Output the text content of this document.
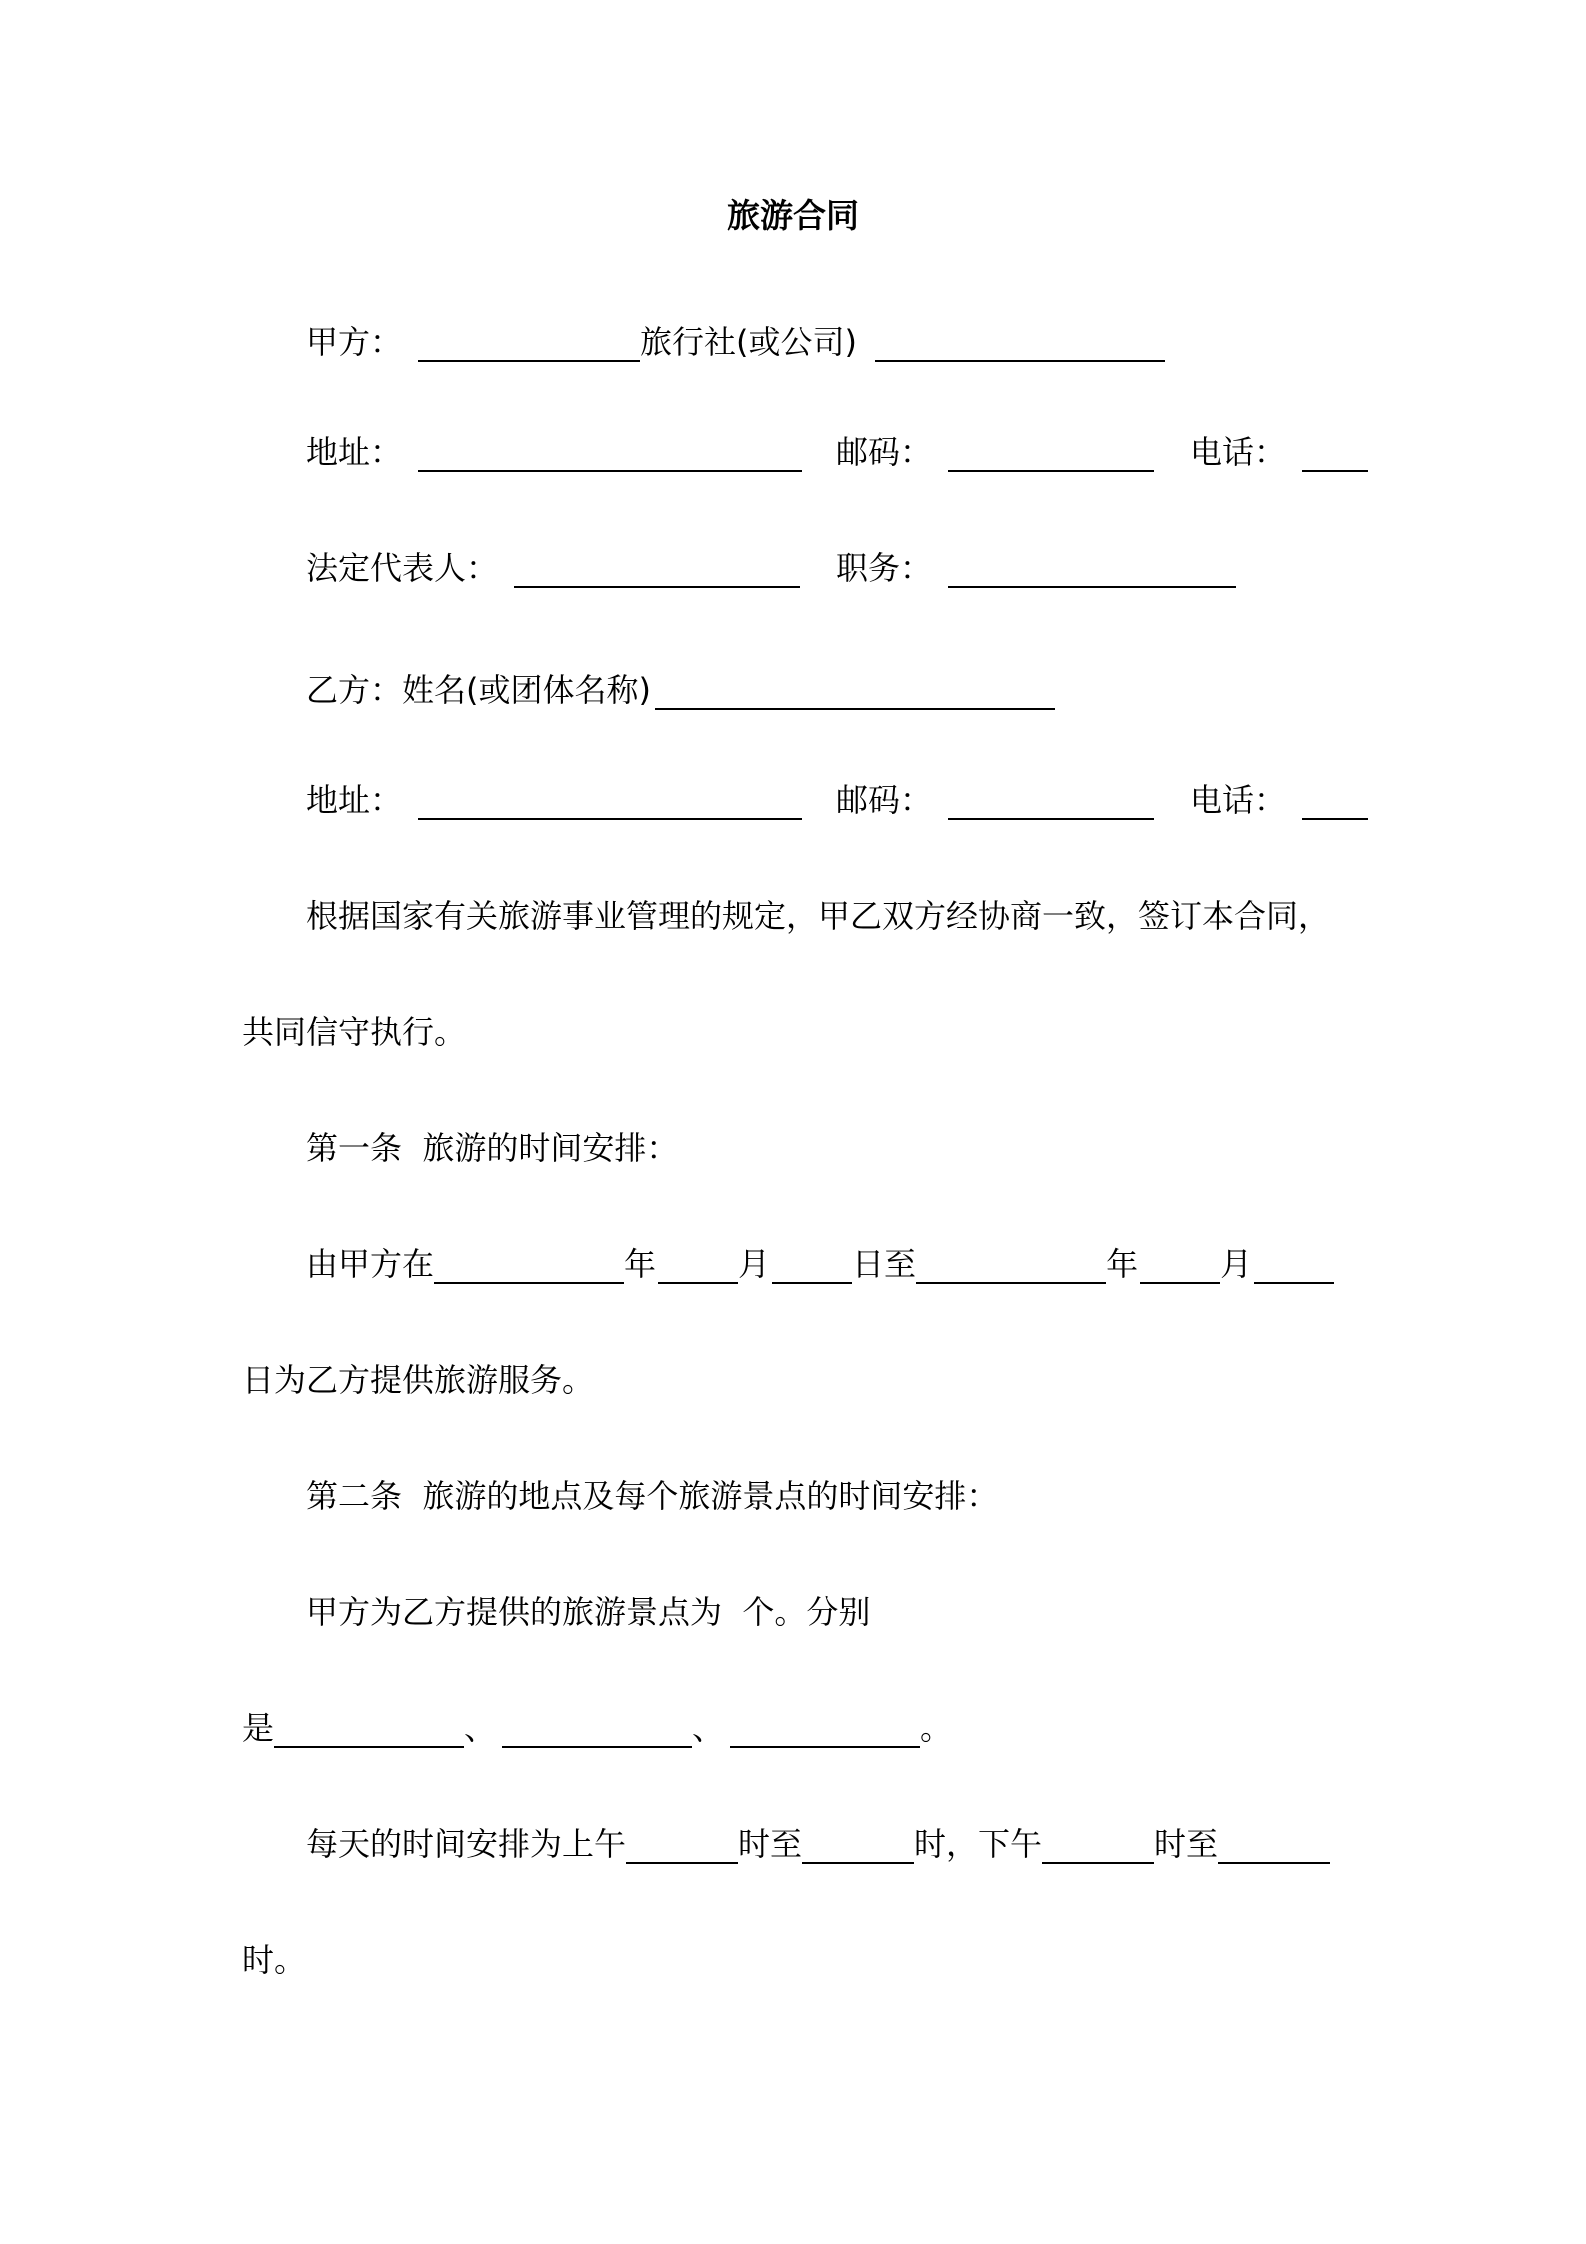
旅游合同
甲方：	旅行社(或公司)
地址：	邮码：	电话：
法定代表人：	职务：
乙方：姓名(或团体名称)
地址：	邮码：	电话：
根据国家有关旅游事业管理的规定，甲乙双方经协商一致，签订本合同，
共同信守执行。
第一条  旅游的时间安排：
由甲方在	年	月	日至	年	月
日为乙方提供旅游服务。
第二条  旅游的地点及每个旅游景点的时间安排：
甲方为乙方提供的旅游景点为  个。分别
是	、	、	。
每天的时间安排为上午	时至	时，下午	时至
时。
